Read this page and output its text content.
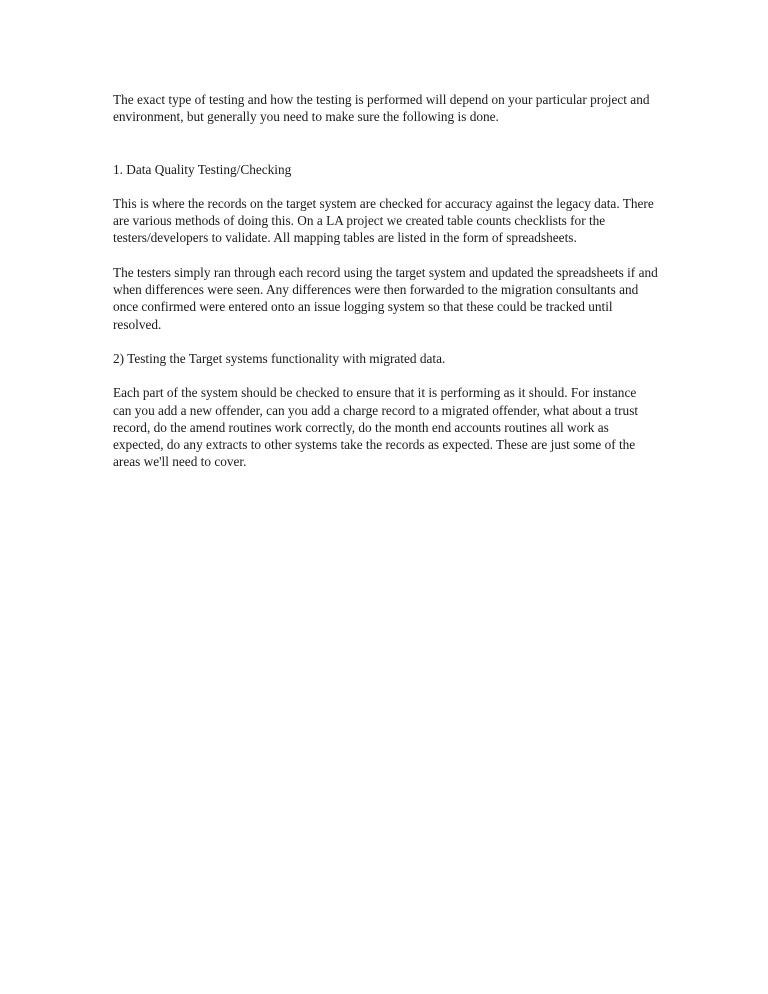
The exact type of testing and how the testing is performed will depend on your particular project and environment, but generally you need to make sure the following is done.

1. Data Quality Testing/Checking

This is where the records on the target system are checked for accuracy against the legacy data. There are various methods of doing this. On a LA project we created table counts checklists for the testers/developers to validate. All mapping tables are listed in the form of spreadsheets.

The testers simply ran through each record using the target system and updated the spreadsheets if and when differences were seen. Any differences were then forwarded to the migration consultants and once confirmed were entered onto an issue logging system so that these could be tracked until resolved.

2) Testing the Target systems functionality with migrated data.

Each part of the system should be checked to ensure that it is performing as it should. For instance can you add a new offender, can you add a charge record to a migrated offender, what about a trust record, do the amend routines work correctly, do the month end accounts routines all work as expected, do any extracts to other systems take the records as expected. These are just some of the areas we'll need to cover.
